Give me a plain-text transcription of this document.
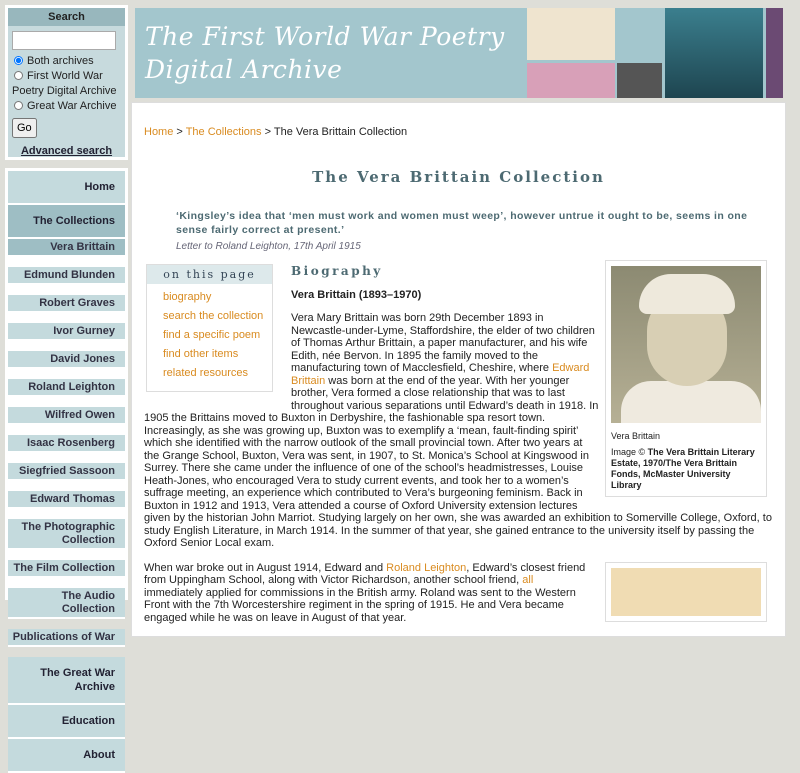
Search
Both archives
First World War Poetry Digital Archive
Great War Archive
Go
Advanced search
Home
The Collections
Vera Brittain
Edmund Blunden
Robert Graves
Ivor Gurney
David Jones
Roland Leighton
Wilfred Owen
Isaac Rosenberg
Siegfried Sassoon
Edward Thomas
The Photographic Collection
The Film Collection
The Audio Collection
Publications of War
The Great War Archive
Education
About
The First World War Poetry
Digital Archive
Home > The Collections > The Vera Brittain Collection
The Vera Brittain Collection
‘Kingsley’s idea that ‘men must work and women must weep’, however untrue it ought to be, seems in one sense fairly correct at present.’
Letter to Roland Leighton, 17th April 1915
on this page
biography
search the collection
find a specific poem
find other items
related resources
Vera Brittain
Image © The Vera Brittain Literary Estate, 1970/The Vera Brittain Fonds, McMaster University Library
Biography
Vera Brittain (1893–1970)

Vera Mary Brittain was born 29th December 1893 in Newcastle-under-Lyme, Staffordshire, the elder of two children of Thomas Arthur Brittain, a paper manufacturer, and his wife Edith, née Bervon. In 1895 the family moved to the manufacturing town of Macclesfield, Cheshire, where Edward Brittain was born at the end of the year. With her younger brother, Vera formed a close relationship that was to last throughout various separations until Edward’s death in 1918. In 1905 the Brittains moved to Buxton in Derbyshire, the fashionable spa resort town. Increasingly, as she was growing up, Buxton was to exemplify a ‘mean, fault-finding spirit’ which she identified with the narrow outlook of the small provincial town. After two years at the Grange School, Buxton, Vera was sent, in 1907, to St. Monica’s School at Kingswood in Surrey. There she came under the influence of one of the school’s headmistresses, Louise Heath-Jones, who encouraged Vera to study current events, and took her to a women’s suffrage meeting, an experience which contributed to Vera’s burgeoning feminism. Back in Buxton in 1912 and 1913, Vera attended a course of Oxford University extension lectures given by the historian John Marriot. Studying largely on her own, she was awarded an exhibition to Somerville College, Oxford, to study English Literature, in March 1914. In the summer of that year, she gained entrance to the university itself by passing the Oxford Senior Local exam.

When war broke out in August 1914, Edward and Roland Leighton, Edward’s closest friend from Uppingham School, along with Victor Richardson, another school friend, all immediately applied for commissions in the British army. Roland was sent to the Western Front with the 7th Worcestershire regiment in the spring of 1915. He and Vera became engaged while he was on leave in August of that year.
